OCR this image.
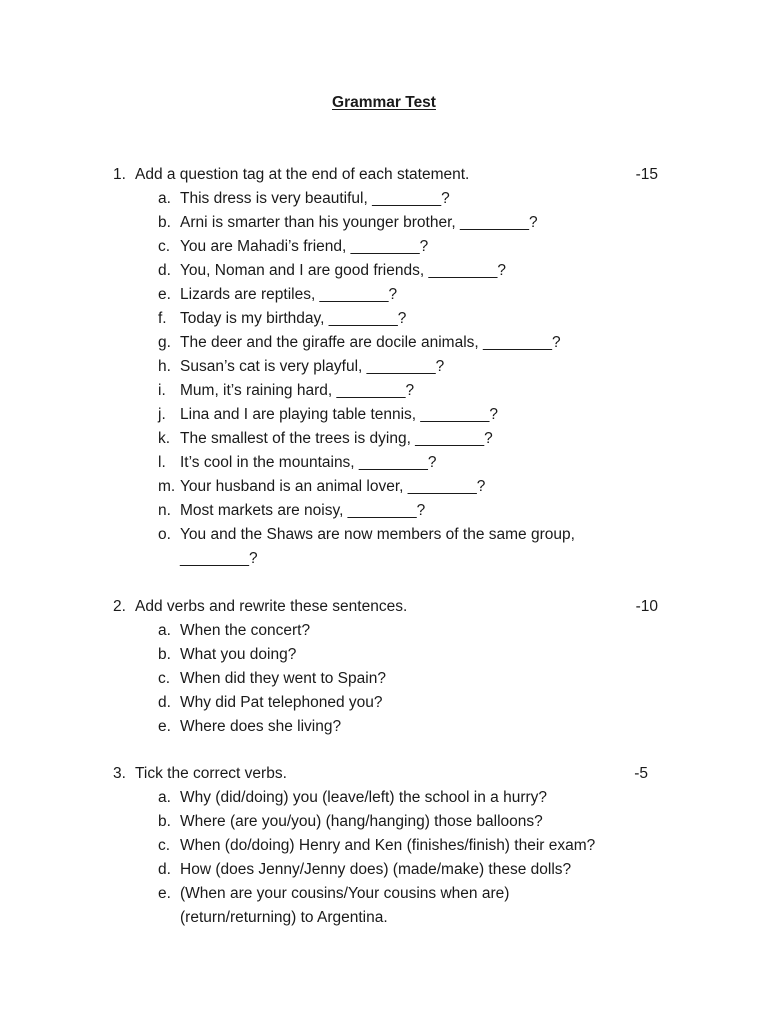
Grammar Test
1. Add a question tag at the end of each statement.	-15
a. This dress is very beautiful, ________?
b. Arni is smarter than his younger brother, ________?
c. You are Mahadi’s friend, ________?
d. You, Noman and I are good friends, ________?
e. Lizards are reptiles, ________?
f. Today is my birthday, ________?
g. The deer and the giraffe are docile animals, ________?
h. Susan’s cat is very playful, ________?
i. Mum, it’s raining hard, ________?
j. Lina and I are playing table tennis, ________?
k. The smallest of the trees is dying, ________?
l. It’s cool in the mountains, ________?
m. Your husband is an animal lover, ________?
n. Most markets are noisy, ________?
o. You and the Shaws are now members of the same group,
________?
2. Add verbs and rewrite these sentences.	-10
a. When the concert?
b. What you doing?
c. When did they went to Spain?
d. Why did Pat telephoned you?
e. Where does she living?
3. Tick the correct verbs.	-5
a. Why (did/doing) you (leave/left) the school in a hurry?
b. Where (are you/you) (hang/hanging) those balloons?
c. When (do/doing) Henry and Ken (finishes/finish) their exam?
d. How (does Jenny/Jenny does) (made/make) these dolls?
e. (When are your cousins/Your cousins when are)
(return/returning) to Argentina.
